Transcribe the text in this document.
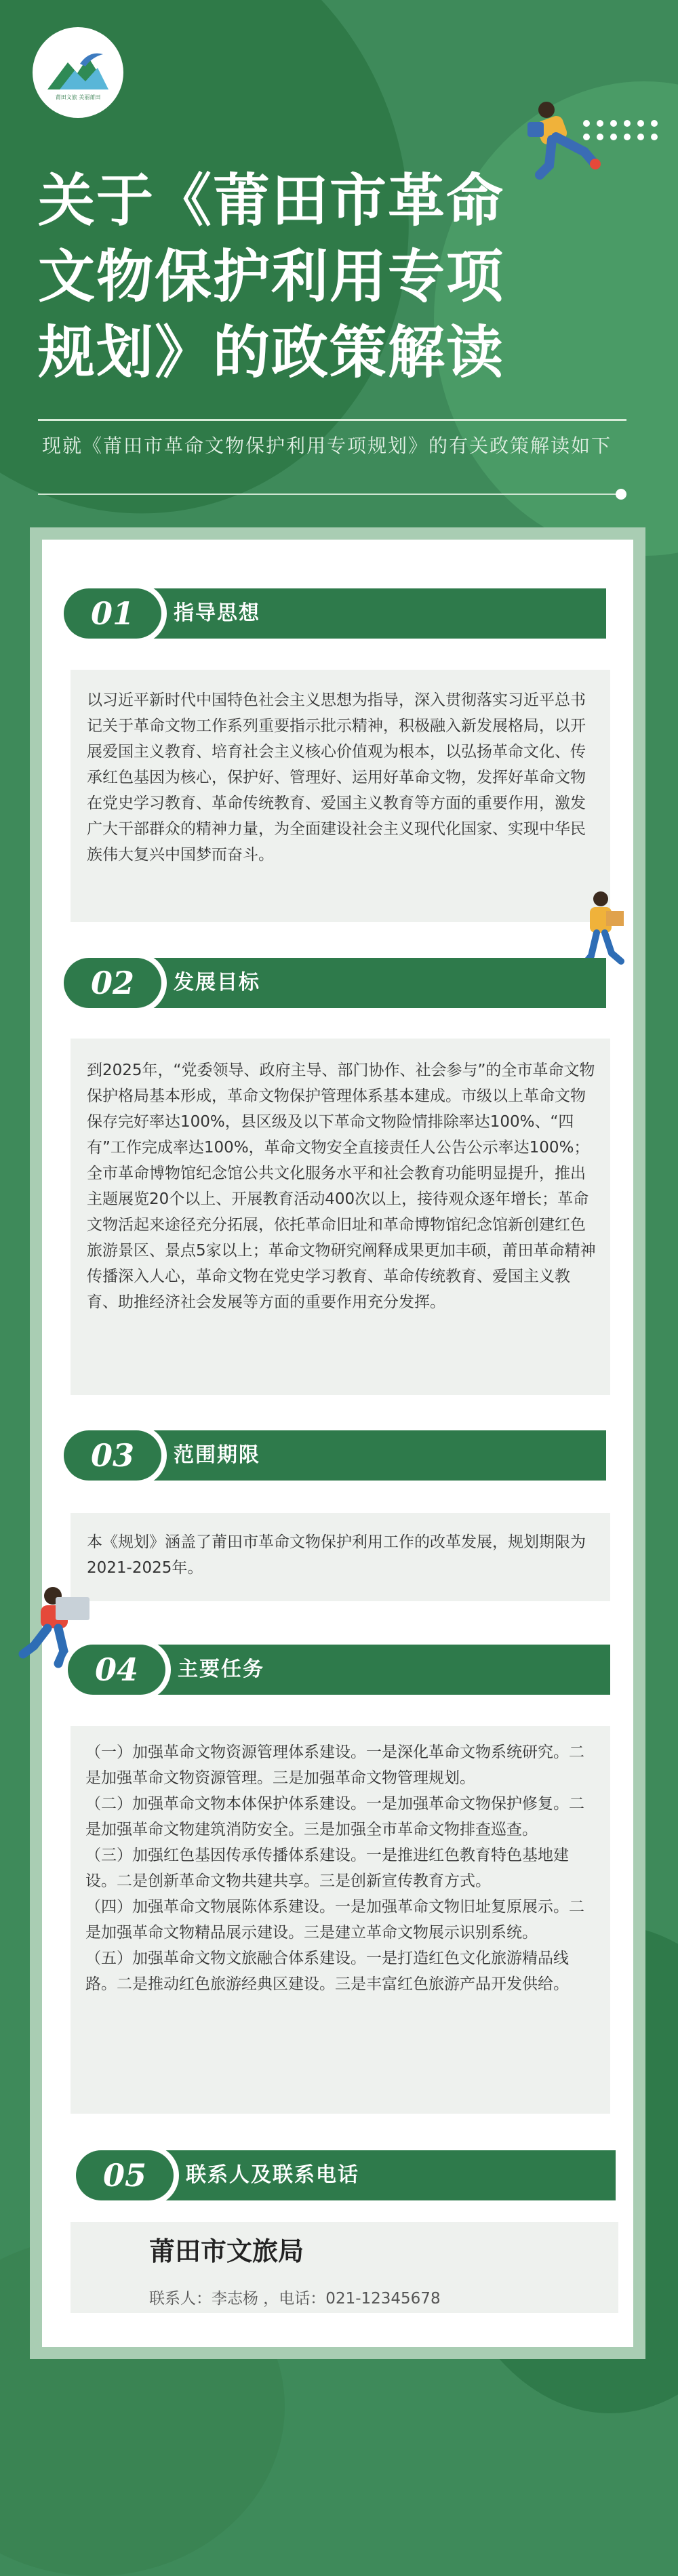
莆田文旅 美丽莆田
关于《莆田市革命
文物保护利用专项
规划》的政策解读

现就《莆田市革命文物保护利用专项规划》的有关政策解读如下

01	指导思想

以习近平新时代中国特色社会主义思想为指导，深入贯彻落实习近平总书记关于革命文物工作系列重要指示批示精神，积极融入新发展格局，以开展爱国主义教育、培育社会主义核心价值观为根本，以弘扬革命文化、传承红色基因为核心，保护好、管理好、运用好革命文物，发挥好革命文物在党史学习教育、革命传统教育、爱国主义教育等方面的重要作用，激发广大干部群众的精神力量，为全面建设社会主义现代化国家、实现中华民族伟大复兴中国梦而奋斗。

02	发展目标

到2025年，“党委领导、政府主导、部门协作、社会参与”的全市革命文物保护格局基本形成，革命文物保护管理体系基本建成。市级以上革命文物保存完好率达100%，县区级及以下革命文物险情排除率达100%、“四有”工作完成率达100%，革命文物安全直接责任人公告公示率达100%；全市革命博物馆纪念馆公共文化服务水平和社会教育功能明显提升，推出主题展览20个以上、开展教育活动400次以上，接待观众逐年增长；革命文物活起来途径充分拓展，依托革命旧址和革命博物馆纪念馆新创建红色旅游景区、景点5家以上；革命文物研究阐释成果更加丰硕，莆田革命精神传播深入人心，革命文物在党史学习教育、革命传统教育、爱国主义教育、助推经济社会发展等方面的重要作用充分发挥。

03	范围期限

本《规划》涵盖了莆田市革命文物保护利用工作的改革发展，规划期限为2021-2025年。

04	主要任务

（一）加强革命文物资源管理体系建设。一是深化革命文物系统研究。二是加强革命文物资源管理。三是加强革命文物管理规划。

（二）加强革命文物本体保护体系建设。一是加强革命文物保护修复。二是加强革命文物建筑消防安全。三是加强全市革命文物排查巡查。

（三）加强红色基因传承传播体系建设。一是推进红色教育特色基地建设。二是创新革命文物共建共享。三是创新宣传教育方式。

（四）加强革命文物展陈体系建设。一是加强革命文物旧址复原展示。二是加强革命文物精品展示建设。三是建立革命文物展示识别系统。

（五）加强革命文物文旅融合体系建设。一是打造红色文化旅游精品线路。二是推动红色旅游经典区建设。三是丰富红色旅游产品开发供给。

05	联系人及联系电话
莆田市文旅局
联系人：李志杨 ，电话：021-12345678
